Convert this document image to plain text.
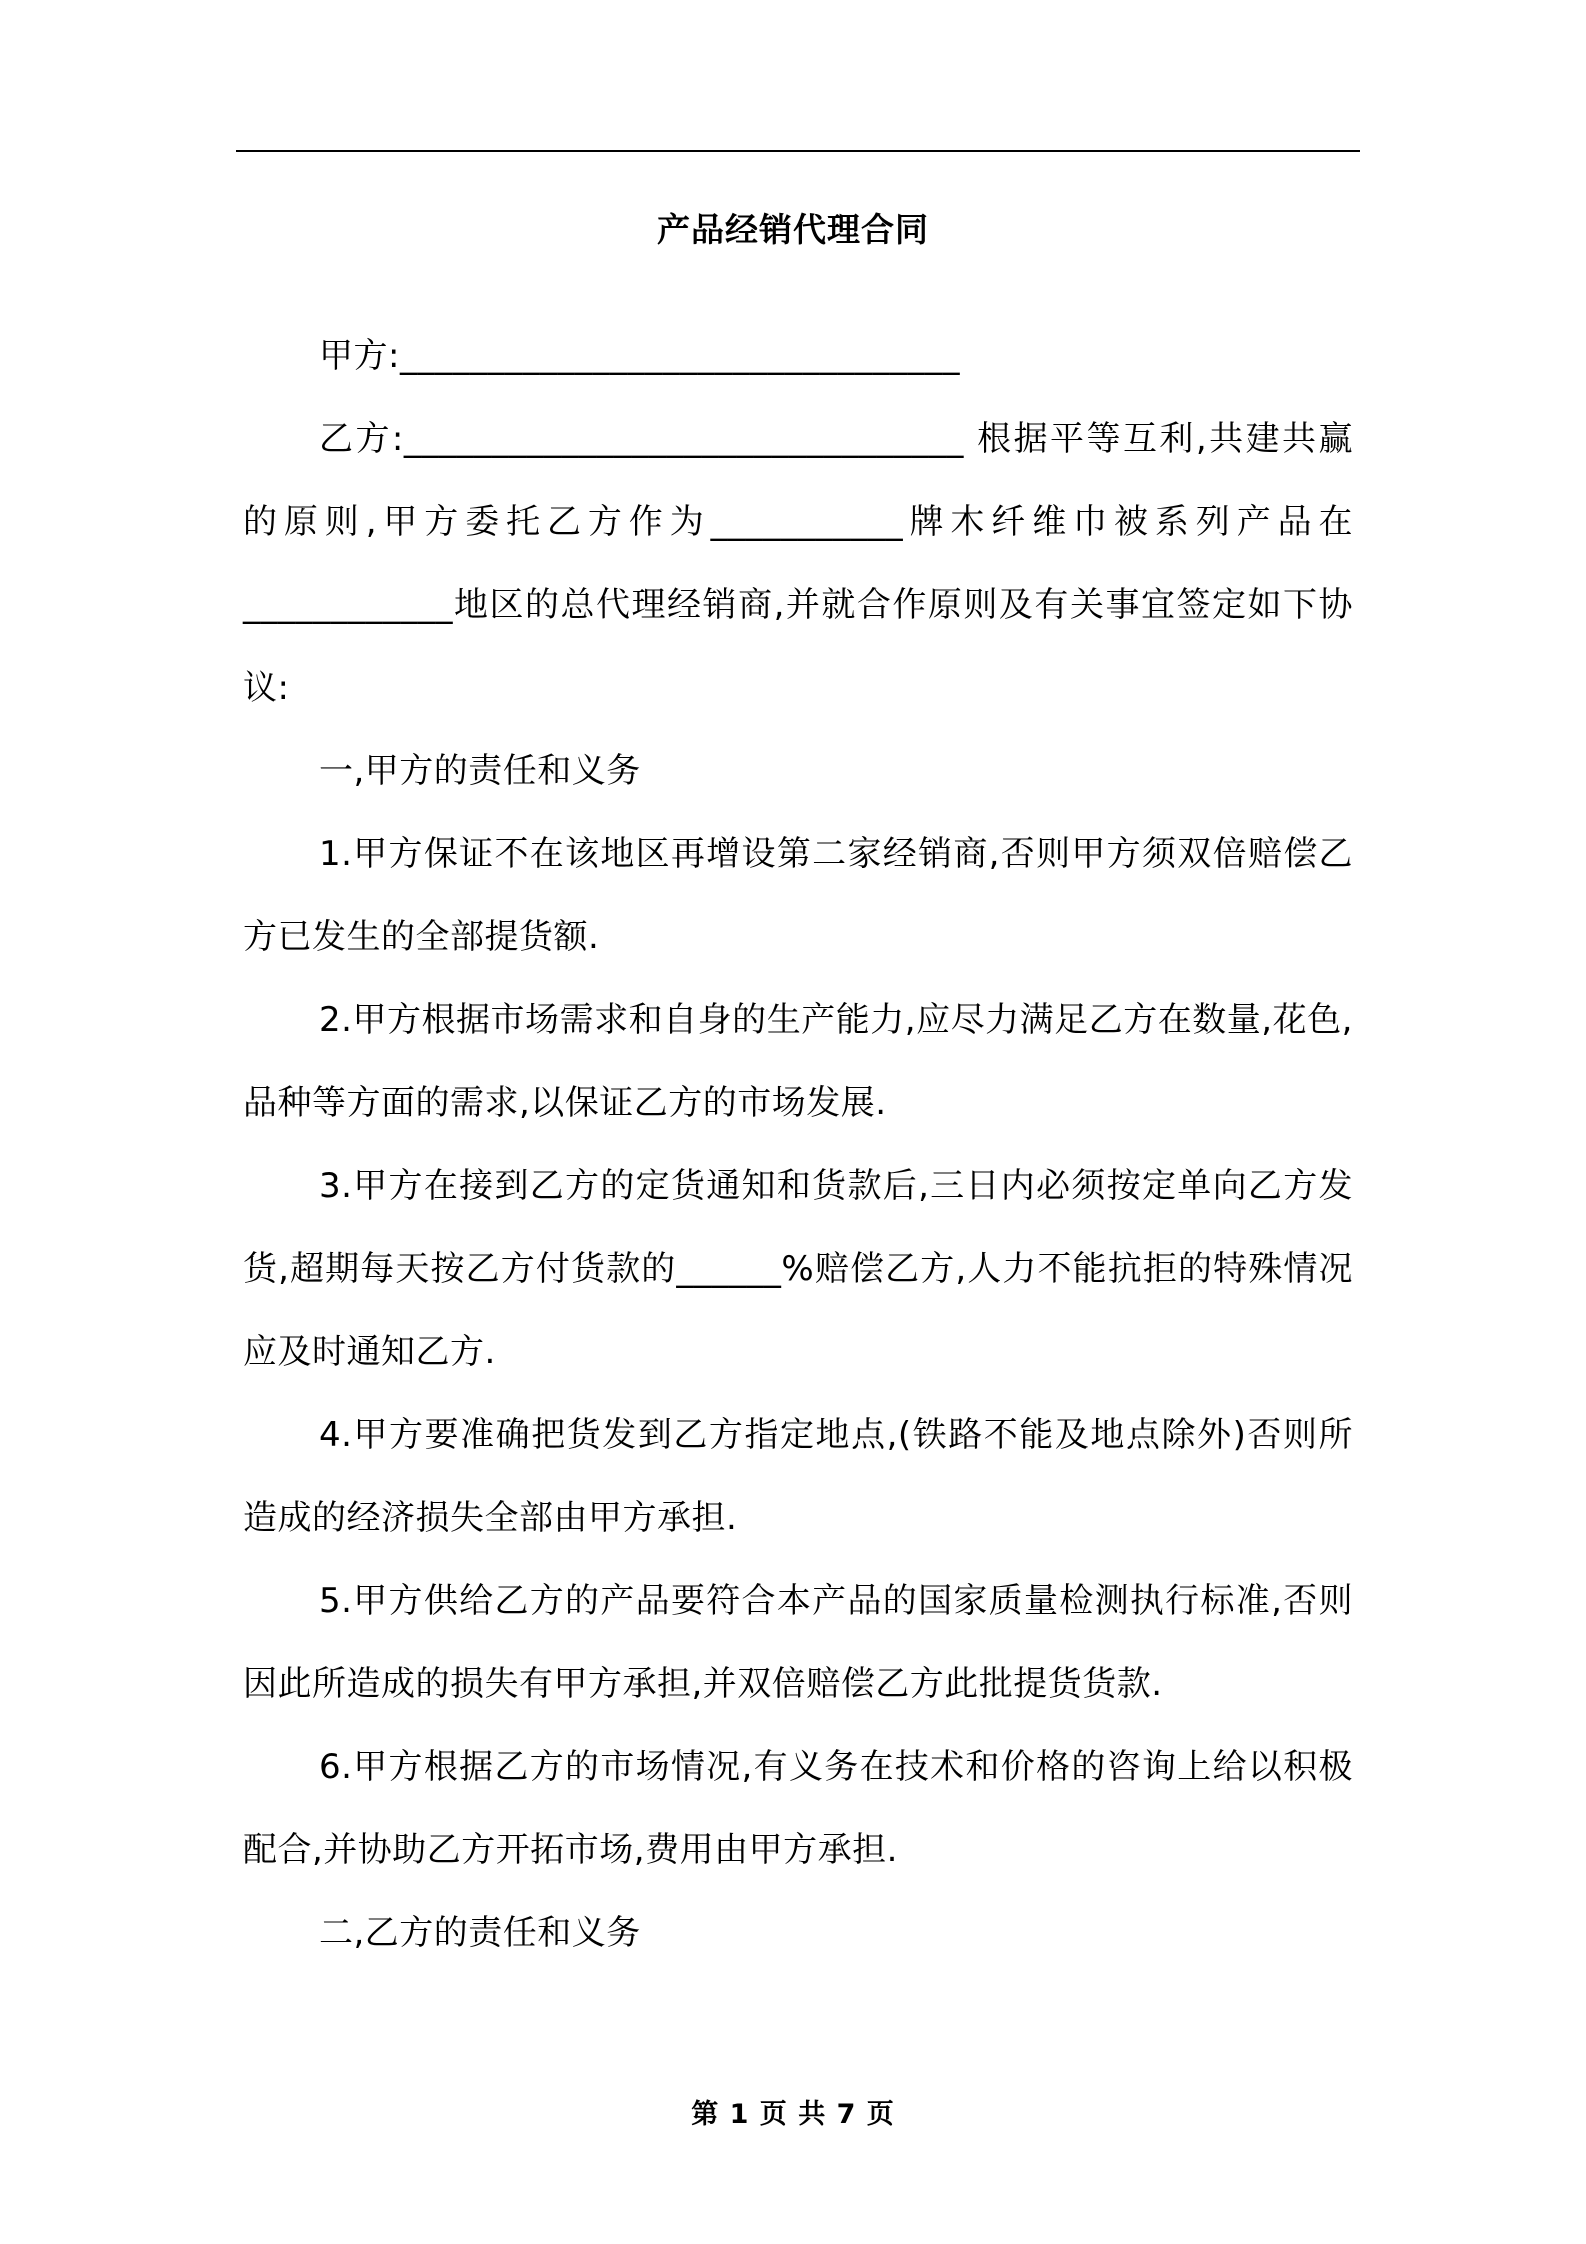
产品经销代理合同

甲方:________________________________

乙方:________________________________ 根据平等互利,共建共赢的原则,甲方委托乙方作为___________牌木纤维巾被系列产品在____________地区的总代理经销商,并就合作原则及有关事宜签定如下协议:

一,甲方的责任和义务

1.甲方保证不在该地区再增设第二家经销商,否则甲方须双倍赔偿乙方已发生的全部提货额.

2.甲方根据市场需求和自身的生产能力,应尽力满足乙方在数量,花色,品种等方面的需求,以保证乙方的市场发展.

3.甲方在接到乙方的定货通知和货款后,三日内必须按定单向乙方发货,超期每天按乙方付货款的______%赔偿乙方,人力不能抗拒的特殊情况应及时通知乙方.

4.甲方要准确把货发到乙方指定地点,(铁路不能及地点除外)否则所造成的经济损失全部由甲方承担.

5.甲方供给乙方的产品要符合本产品的国家质量检测执行标准,否则因此所造成的损失有甲方承担,并双倍赔偿乙方此批提货货款.

6.甲方根据乙方的市场情况,有义务在技术和价格的咨询上给以积极配合,并协助乙方开拓市场,费用由甲方承担.

二,乙方的责任和义务

第 1 页 共 7 页
